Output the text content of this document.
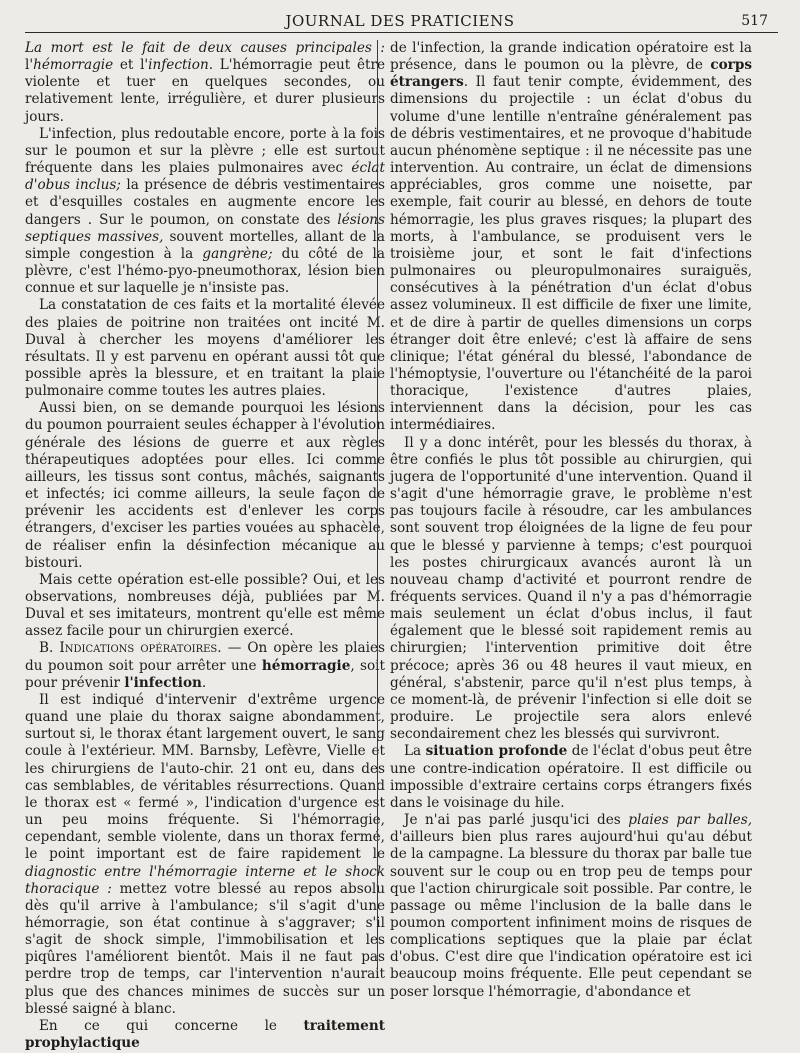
JOURNAL DES PRATICIENS	517

La mort est le fait de deux causes principales : l'hémorragie et l'infection. L'hémorragie peut être violente et tuer en quelques secondes, ou relativement lente, irrégulière, et durer plusieurs jours.

L'infection, plus redoutable encore, porte à la fois sur le poumon et sur la plèvre ; elle est surtout fréquente dans les plaies pulmonaires avec éclat d'obus inclus; la présence de débris vestimentaires et d'esquilles costales en augmente encore les dangers . Sur le poumon, on constate des lésions septiques massives, souvent mortelles, allant de la simple congestion à la gangrène; du côté de la plèvre, c'est l'hémo-pyo-pneumothorax, lésion bien connue et sur laquelle je n'insiste pas.

La constatation de ces faits et la mortalité élevée des plaies de poitrine non traitées ont incité M. Duval à chercher les moyens d'améliorer les résultats. Il y est parvenu en opérant aussi tôt que possible après la blessure, et en traitant la plaie pulmonaire comme toutes les autres plaies.

Aussi bien, on se demande pourquoi les lésions du poumon pourraient seules échapper à l'évolution générale des lésions de guerre et aux règles thérapeutiques adoptées pour elles. Ici comme ailleurs, les tissus sont contus, mâchés, saignants et infectés; ici comme ailleurs, la seule façon de prévenir les accidents est d'enlever les corps étrangers, d'exciser les parties vouées au sphacèle, de réaliser enfin la désinfection mécanique au bistouri.

Mais cette opération est-elle possible? Oui, et les observations, nombreuses déjà, publiées par M. Duval et ses imitateurs, montrent qu'elle est même assez facile pour un chirurgien exercé.

B. Indications opératoires. — On opère les plaies du poumon soit pour arrêter une hémorragie, soit pour prévenir l'infection.

Il est indiqué d'intervenir d'extrême urgence quand une plaie du thorax saigne abondamment, surtout si, le thorax étant largement ouvert, le sang coule à l'extérieur. MM. Barnsby, Lefèvre, Vielle et les chirurgiens de l'auto-chir. 21 ont eu, dans des cas semblables, de véritables résurrections. Quand le thorax est « fermé », l'indication d'urgence est un peu moins fréquente. Si l'hémorragie, cependant, semble violente, dans un thorax fermé, le point important est de faire rapidement le diagnostic entre l'hémorragie interne et le shock thoracique : mettez votre blessé au repos absolu dès qu'il arrive à l'ambulance; s'il s'agit d'une hémorragie, son état continue à s'aggraver; s'il s'agit de shock simple, l'immobilisation et les piqûres l'améliorent bientôt. Mais il ne faut pas perdre trop de temps, car l'intervention n'aurait plus que des chances minimes de succès sur un blessé saigné à blanc.

En ce qui concerne le traitement prophylactique

de l'infection, la grande indication opératoire est la présence, dans le poumon ou la plèvre, de corps étrangers. Il faut tenir compte, évidemment, des dimensions du projectile : un éclat d'obus du volume d'une lentille n'entraîne généralement pas de débris vestimentaires, et ne provoque d'habitude aucun phénomène septique : il ne nécessite pas une intervention. Au contraire, un éclat de dimensions appréciables, gros comme une noisette, par exemple, fait courir au blessé, en dehors de toute hémorragie, les plus graves risques; la plupart des morts, à l'ambulance, se produisent vers le troisième jour, et sont le fait d'infections pulmonaires ou pleuropulmonaires suraiguës, consécutives à la pénétration d'un éclat d'obus assez volumineux. Il est difficile de fixer une limite, et de dire à partir de quelles dimensions un corps étranger doit être enlevé; c'est là affaire de sens clinique; l'état général du blessé, l'abondance de l'hémoptysie, l'ouverture ou l'étanchéité de la paroi thoracique, l'existence d'autres plaies, interviennent dans la décision, pour les cas intermédiaires.

Il y a donc intérêt, pour les blessés du thorax, à être confiés le plus tôt possible au chirurgien, qui jugera de l'opportunité d'une intervention. Quand il s'agit d'une hémorragie grave, le problème n'est pas toujours facile à résoudre, car les ambulances sont souvent trop éloignées de la ligne de feu pour que le blessé y parvienne à temps; c'est pourquoi les postes chirurgicaux avancés auront là un nouveau champ d'activité et pourront rendre de fréquents services. Quand il n'y a pas d'hémorragie mais seulement un éclat d'obus inclus, il faut également que le blessé soit rapidement remis au chirurgien; l'intervention primitive doit être précoce; après 36 ou 48 heures il vaut mieux, en général, s'abstenir, parce qu'il n'est plus temps, à ce moment-là, de prévenir l'infection si elle doit se produire. Le projectile sera alors enlevé secondairement chez les blessés qui survivront.

La situation profonde de l'éclat d'obus peut être une contre-indication opératoire. Il est difficile ou impossible d'extraire certains corps étrangers fixés dans le voisinage du hile.

Je n'ai pas parlé jusqu'ici des plaies par balles, d'ailleurs bien plus rares aujourd'hui qu'au début de la campagne. La blessure du thorax par balle tue souvent sur le coup ou en trop peu de temps pour que l'action chirurgicale soit possible. Par contre, le passage ou même l'inclusion de la balle dans le poumon comportent infiniment moins de risques de complications septiques que la plaie par éclat d'obus. C'est dire que l'indication opératoire est ici beaucoup moins fréquente. Elle peut cependant se poser lorsque l'hémorragie, d'abondance et
